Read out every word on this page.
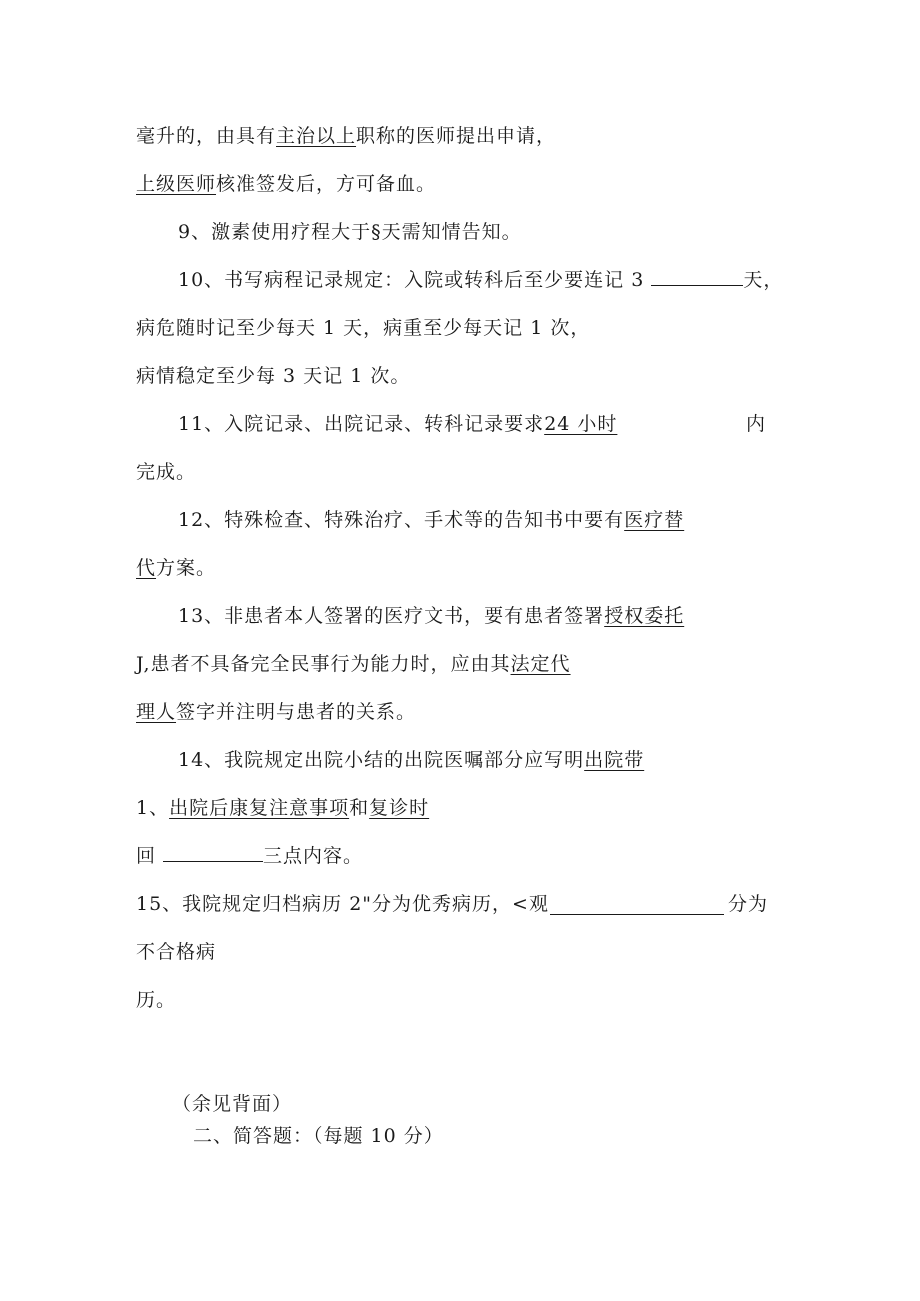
毫升的，由具有主治以上职称的医师提出申请，
上级医师核准签发后，方可备血。
9、激素使用疗程大于§天需知情告知。
10、书写病程记录规定：入院或转科后至少要连记 3	天，
病危随时记至少每天 1 天，病重至少每天记 1 次，
病情稳定至少每 3 天记 1 次。
11、入院记录、出院记录、转科记录要求24 小时	内
完成。
12、特殊检查、特殊治疗、手术等的告知书中要有医疗替
代方案。
13、非患者本人签署的医疗文书，要有患者签署授权委托
J,患者不具备完全民事行为能力时，应由其法定代
理人签字并注明与患者的关系。
14、我院规定出院小结的出院医嘱部分应写明出院带
1、出院后康复注意事项和复诊时
回	三点内容。
15、我院规定归档病历 2"分为优秀病历，<观	分为
不合格病
历。
（余见背面）
二、简答题：（每题 10 分）
